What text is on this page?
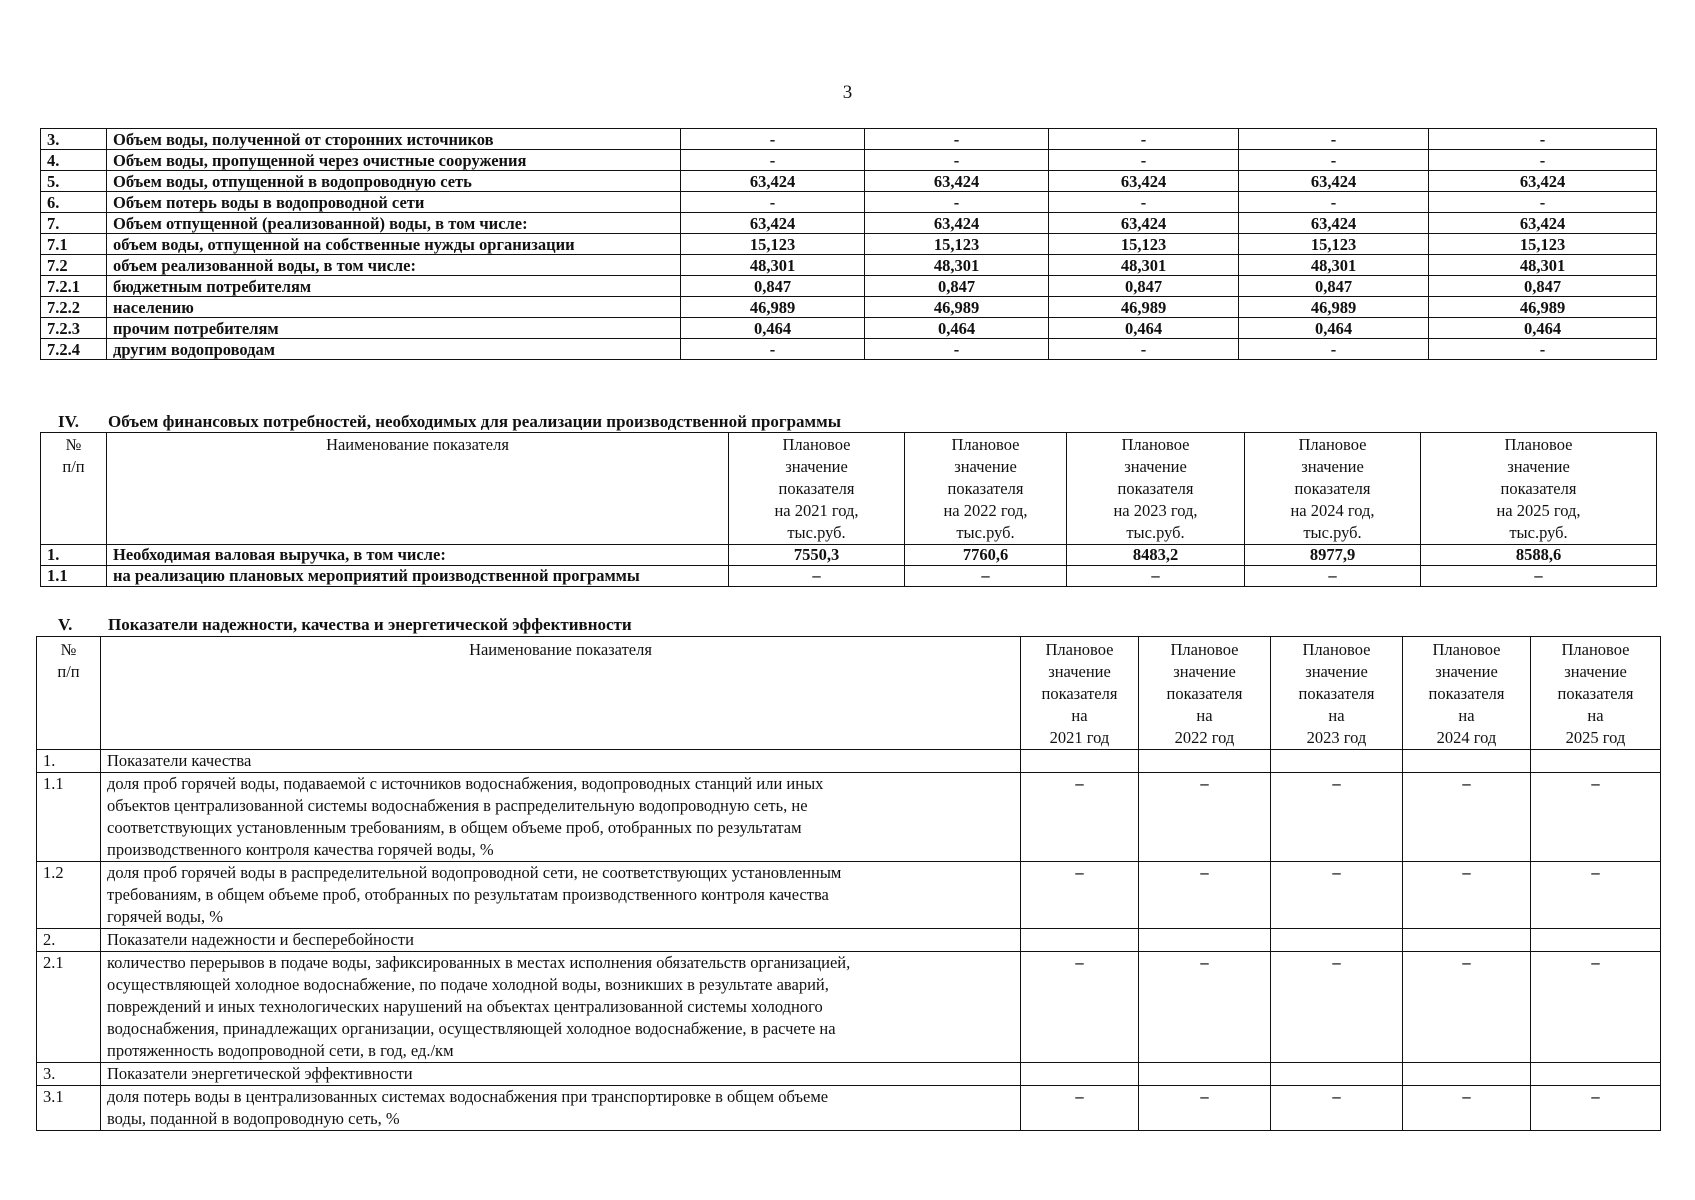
3
3.	Объем воды, полученной от сторонних источников	-	-	-	-	-
4.	Объем воды, пропущенной через очистные сооружения	-	-	-	-	-
5.	Объем воды, отпущенной в водопроводную сеть	63,424	63,424	63,424	63,424	63,424
6.	Объем потерь воды в водопроводной сети	-	-	-	-	-
7.	Объем отпущенной (реализованной) воды, в том числе:	63,424	63,424	63,424	63,424	63,424
7.1	объем воды, отпущенной на собственные нужды организации	15,123	15,123	15,123	15,123	15,123
7.2	объем реализованной воды, в том числе:	48,301	48,301	48,301	48,301	48,301
7.2.1	бюджетным потребителям	0,847	0,847	0,847	0,847	0,847
7.2.2	населению	46,989	46,989	46,989	46,989	46,989
7.2.3	прочим потребителям	0,464	0,464	0,464	0,464	0,464
7.2.4	другим водопроводам	-	-	-	-	-
IV. Объем финансовых потребностей, необходимых для реализации производственной программы
№
п/п	Наименование показателя	Плановое
значение
показателя
на 2021 год,
тыс.руб.	Плановое
значение
показателя
на 2022 год,
тыс.руб.	Плановое
значение
показателя
на 2023 год,
тыс.руб.	Плановое
значение
показателя
на 2024 год,
тыс.руб.	Плановое
значение
показателя
на 2025 год,
тыс.руб.

1.	Необходимая валовая выручка, в том числе:	7550,3	7760,6	8483,2	8977,9	8588,6
1.1	на реализацию плановых мероприятий производственной программы	–	–	–	–	–
V. Показатели надежности, качества и энергетической эффективности
№
п/п	Наименование показателя	Плановое
значение
показателя
на
2021 год	Плановое
значение
показателя
на
2022 год	Плановое
значение
показателя
на
2023 год	Плановое
значение
показателя
на
2024 год	Плановое
значение
показателя
на
2025 год

1.	Показатели качества					
1.1	доля проб горячей воды, подаваемой с источников водоснабжения, водопроводных станций или иных
объектов централизованной системы водоснабжения в распределительную водопроводную сеть, не
соответствующих установленным требованиям, в общем объеме проб, отобранных по результатам
производственного контроля качества горячей воды, %	–	–	–	–	–
1.2	доля проб горячей воды в распределительной водопроводной сети, не соответствующих установленным
требованиям, в общем объеме проб, отобранных по результатам производственного контроля качества
горячей воды, %	–	–	–	–	–
2.	Показатели надежности и бесперебойности					
2.1	количество перерывов в подаче воды, зафиксированных в местах исполнения обязательств организацией,
осуществляющей холодное водоснабжение, по подаче холодной воды, возникших в результате аварий,
повреждений и иных технологических нарушений на объектах централизованной системы холодного
водоснабжения, принадлежащих организации, осуществляющей холодное водоснабжение, в расчете на
протяженность водопроводной сети, в год, ед./км	–	–	–	–	–
3.	Показатели энергетической эффективности					
3.1	доля потерь воды в централизованных системах водоснабжения при транспортировке в общем объеме
воды, поданной в водопроводную сеть, %	–	–	–	–	–
